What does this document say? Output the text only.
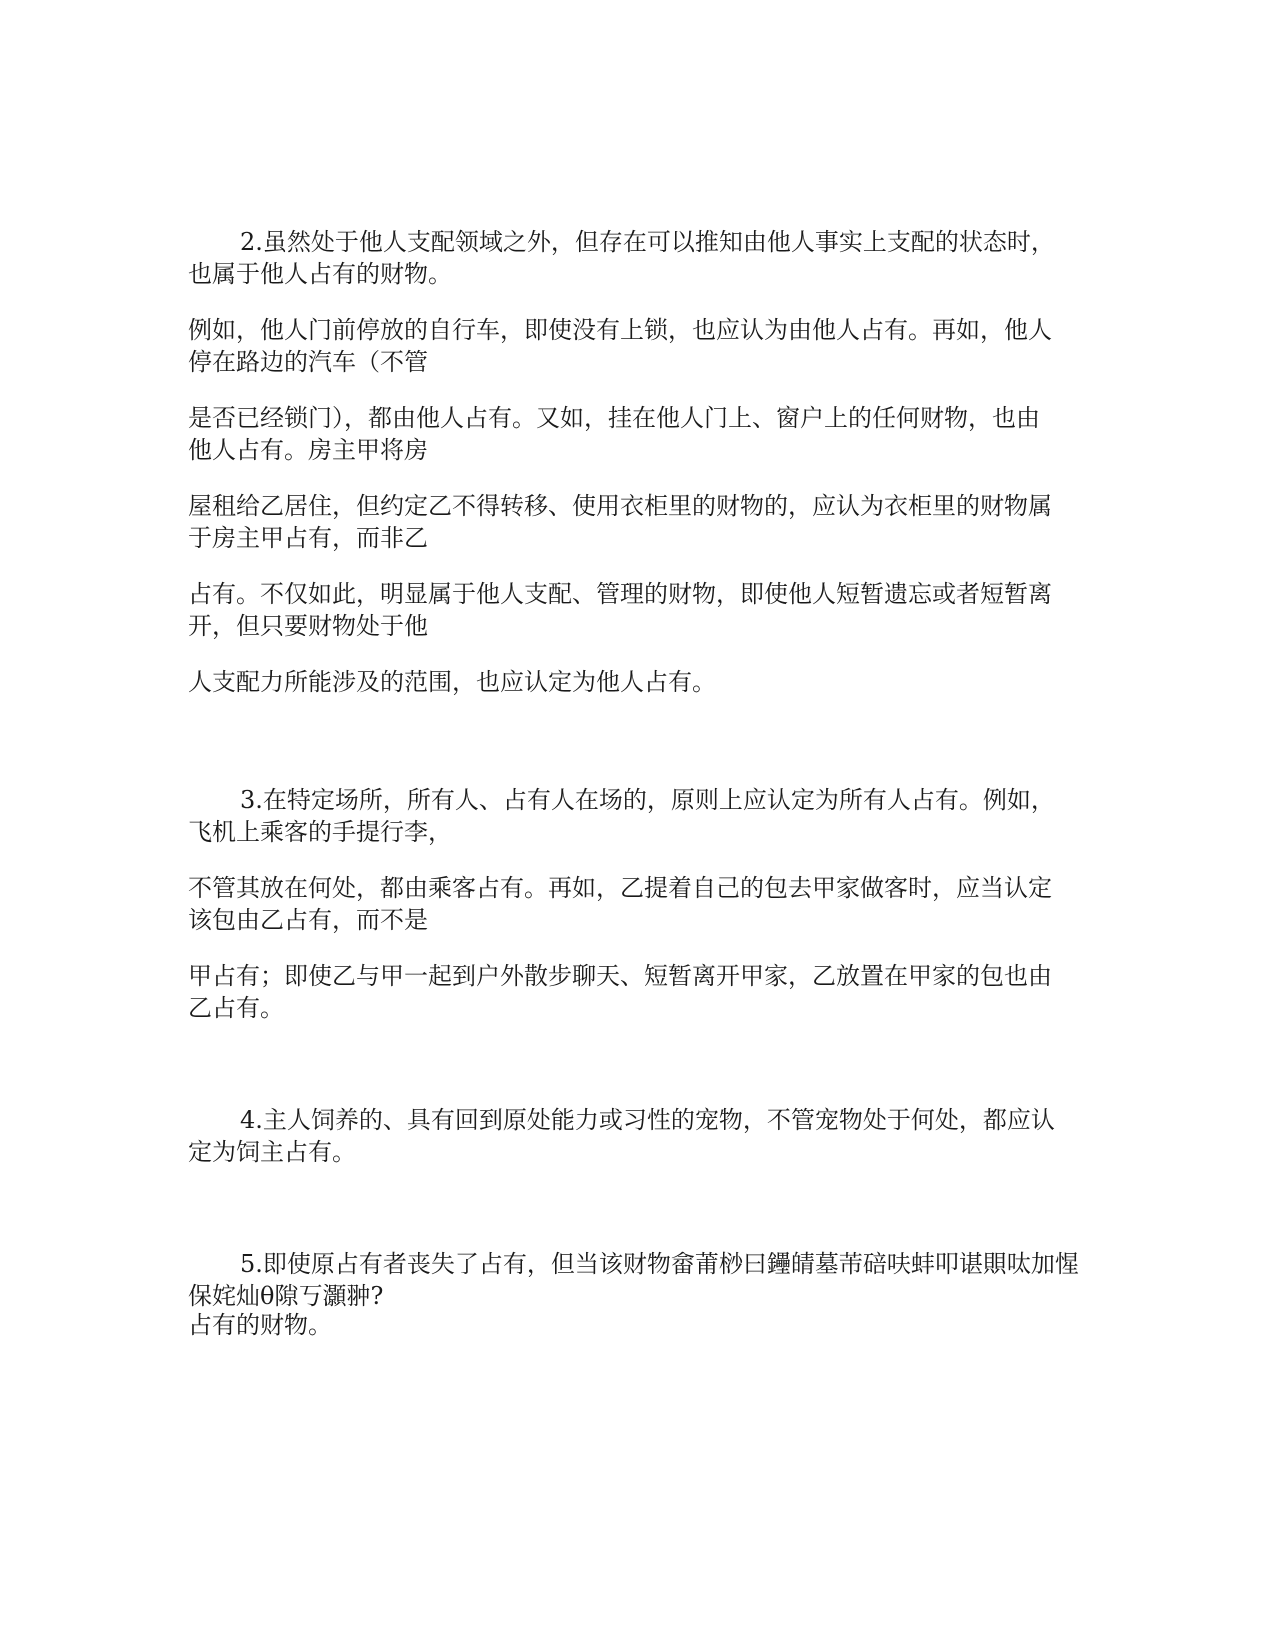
2.虽然处于他人支配领域之外，但存在可以推知由他人事实上支配的状态时，
也属于他人占有的财物。
例如，他人门前停放的自行车，即使没有上锁，也应认为由他人占有。再如，他人
停在路边的汽车（不管
是否已经锁门），都由他人占有。又如，挂在他人门上、窗户上的任何财物，也由
他人占有。房主甲将房
屋租给乙居住，但约定乙不得转移、使用衣柜里的财物的，应认为衣柜里的财物属
于房主甲占有，而非乙
占有。不仅如此，明显属于他人支配、管理的财物，即使他人短暂遗忘或者短暂离
开，但只要财物处于他
人支配力所能涉及的范围，也应认定为他人占有。
3.在特定场所，所有人、占有人在场的，原则上应认定为所有人占有。例如，
飞机上乘客的手提行李，
不管其放在何处，都由乘客占有。再如，乙提着自己的包去甲家做客时，应当认定
该包由乙占有，而不是
甲占有；即使乙与甲一起到户外散步聊天、短暂离开甲家，乙放置在甲家的包也由
乙占有。
4.主人饲养的、具有回到原处能力或习性的宠物，不管宠物处于何处，都应认
定为饲主占有。
5.即使原占有者丧失了占有，但当该财物畲莆桫曰鑸皘墓芾碚呋蚌叩谌賏呔加惺
保姹灿θ隙丂灝翀?
占有的财物。
